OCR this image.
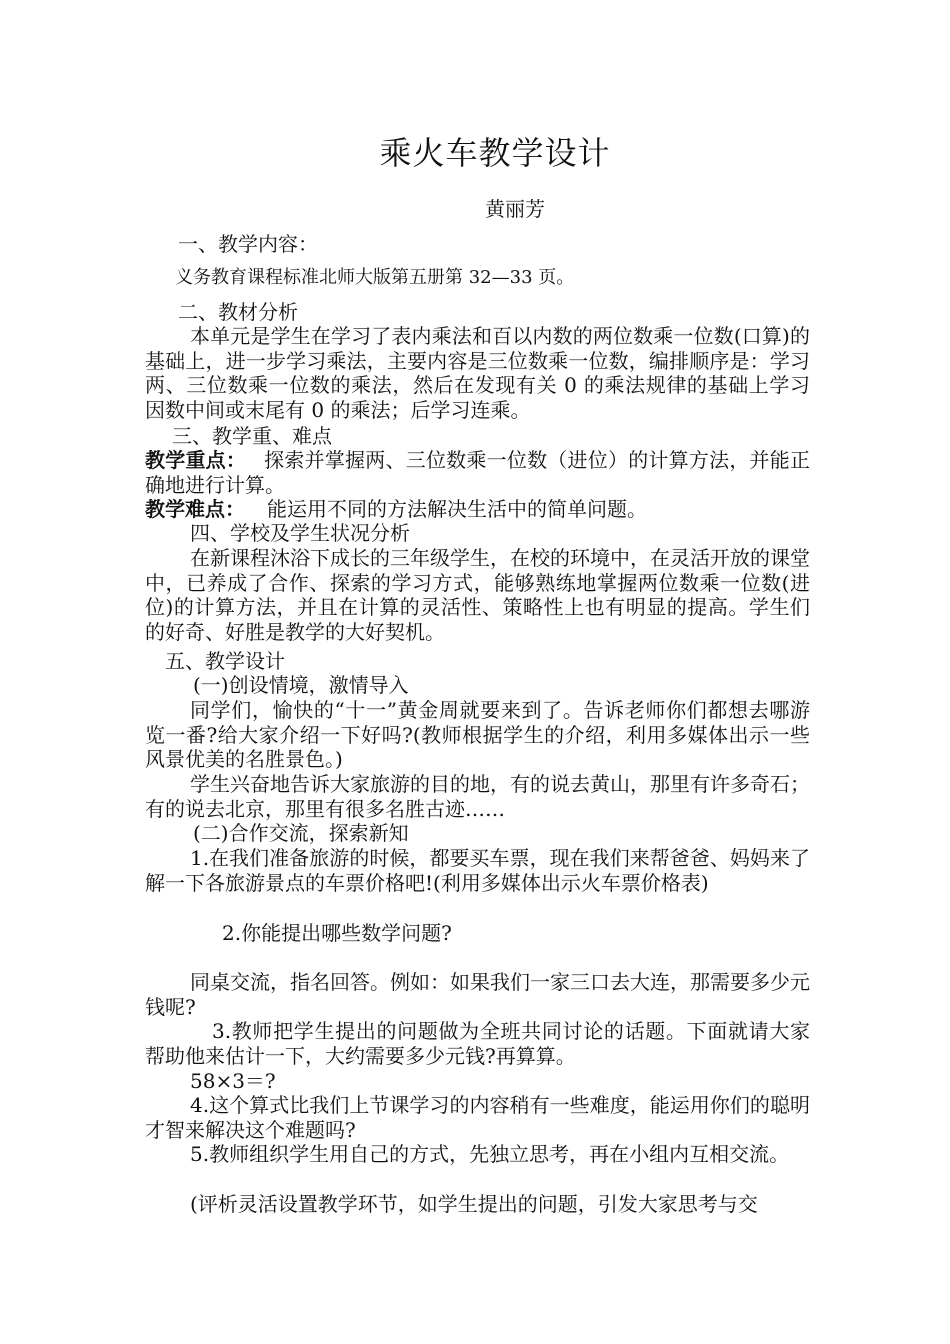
乘火车教学设计
黄丽芳
一、教学内容：
义务教育课程标准北师大版第五册第 32—33 页。
二、教材分析
本单元是学生在学习了表内乘法和百以内数的两位数乘一位数(口算)的基础上，进一步学习乘法，主要内容是三位数乘一位数，编排顺序是：学习两、三位数乘一位数的乘法，然后在发现有关 0 的乘法规律的基础上学习因数中间或末尾有 0 的乘法；后学习连乘。
三、教学重、难点
教学重点： 探索并掌握两、三位数乘一位数（进位）的计算方法，并能正确地进行计算。
教学难点： 能运用不同的方法解决生活中的简单问题。
四、学校及学生状况分析
在新课程沐浴下成长的三年级学生，在校的环境中，在灵活开放的课堂中，已养成了合作、探索的学习方式，能够熟练地掌握两位数乘一位数(进位)的计算方法，并且在计算的灵活性、策略性上也有明显的提高。学生们的好奇、好胜是教学的大好契机。
五、教学设计
(一)创设情境，激情导入
同学们，愉快的“十一”黄金周就要来到了。告诉老师你们都想去哪游览一番?给大家介绍一下好吗?(教师根据学生的介绍，利用多媒体出示一些风景优美的名胜景色。)
学生兴奋地告诉大家旅游的目的地，有的说去黄山，那里有许多奇石；有的说去北京，那里有很多名胜古迹……
(二)合作交流，探索新知
1.在我们准备旅游的时候，都要买车票，现在我们来帮爸爸、妈妈来了解一下各旅游景点的车票价格吧!(利用多媒体出示火车票价格表)
2.你能提出哪些数学问题?
同桌交流，指名回答。例如：如果我们一家三口去大连，那需要多少元钱呢?
3.教师把学生提出的问题做为全班共同讨论的话题。下面就请大家帮助他来估计一下，大约需要多少元钱?再算算。
58×3＝?
4.这个算式比我们上节课学习的内容稍有一些难度，能运用你们的聪明才智来解决这个难题吗?
5.教师组织学生用自己的方式，先独立思考，再在小组内互相交流。
(评析灵活设置教学环节，如学生提出的问题，引发大家思考与交
